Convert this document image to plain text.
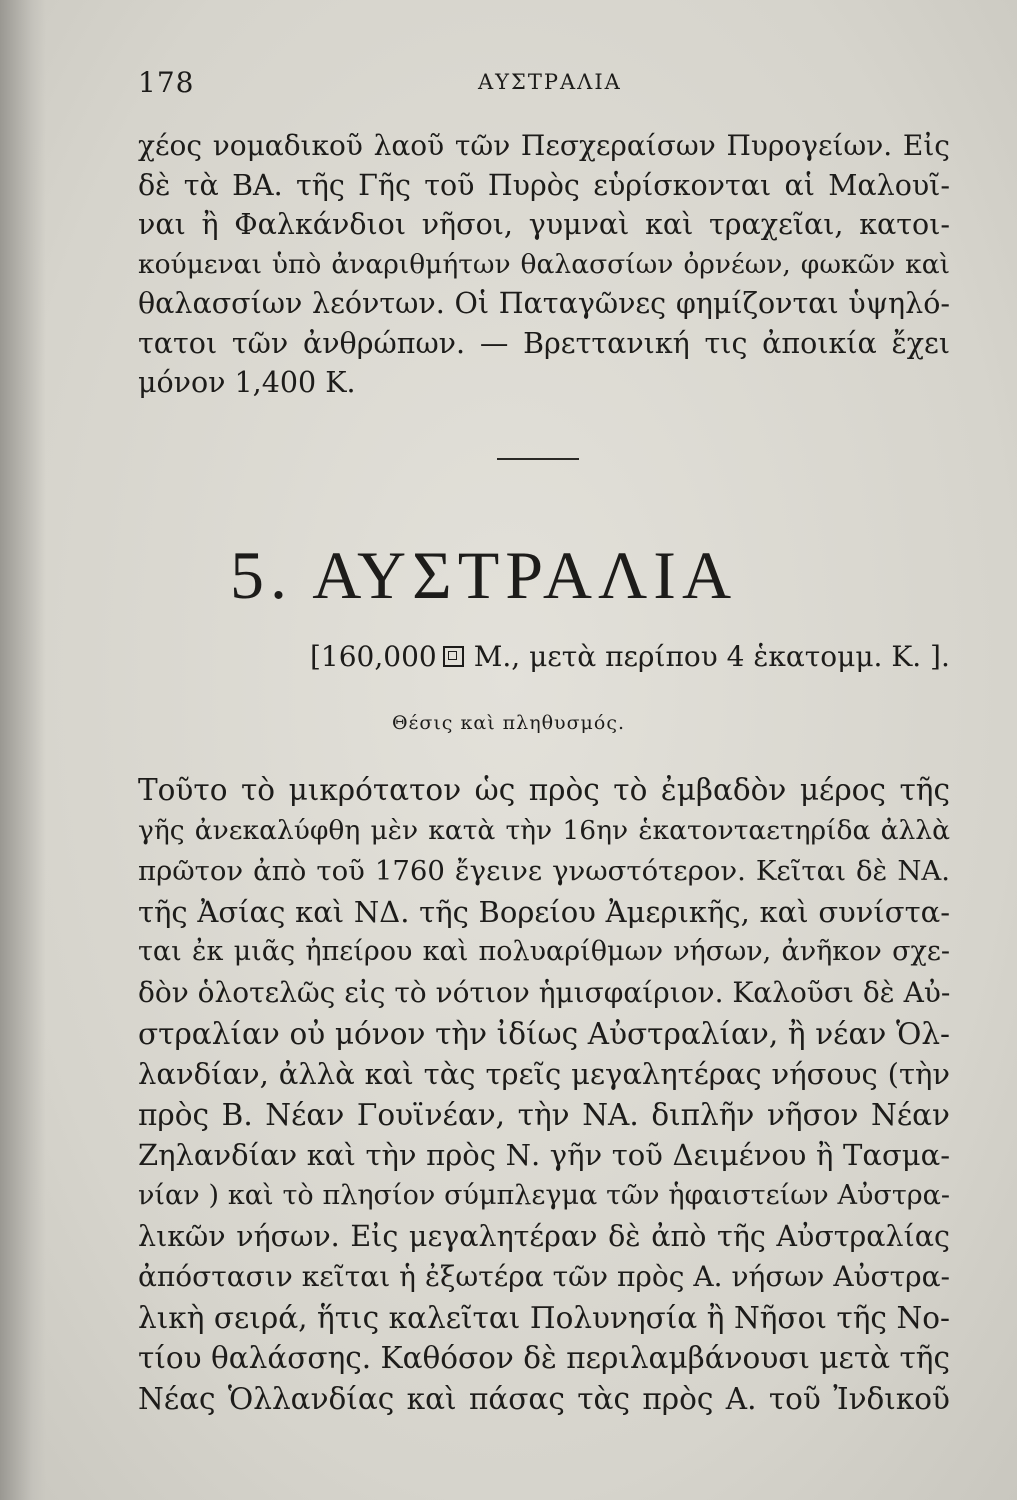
178	ΑΥΣΤΡΑΛΙΑ
χέος νομαδικοῦ λαοῦ τῶν Πεσχεραίσων Πυρογείων. Εἰς
δὲ τὰ ΒΑ. τῆς Γῆς τοῦ Πυρὸς εὑρίσκονται αἱ Μαλουῖ-
ναι ἢ Φαλκάνδιοι νῆσοι, γυμναὶ καὶ τραχεῖαι, κατοι-
κούμεναι ὑπὸ ἀναριθμήτων θαλασσίων ὀρνέων, φωκῶν καὶ
θαλασσίων λεόντων. Οἱ Παταγῶνες φημίζονται ὑψηλό-
τατοι τῶν ἀνθρώπων. — Βρεττανική τις ἀποικία ἔχει
μόνον 1,400 Κ.
5. ΑΥΣΤΡΑΛΙΑ
[160,000 Μ., μετὰ περίπου 4 ἑκατομμ. Κ. ].
Θέσις καὶ πληθυσμός.
Τοῦτο τὸ μικρότατον ὡς πρὸς τὸ ἐμβαδὸν μέρος τῆς
γῆς ἀνεκαλύφθη μὲν κατὰ τὴν 16ην ἑκατονταετηρίδα ἀλλὰ
πρῶτον ἀπὸ τοῦ 1760 ἔγεινε γνωστότερον. Κεῖται δὲ ΝΑ.
τῆς Ἀσίας καὶ ΝΔ. τῆς Βορείου Ἀμερικῆς, καὶ συνίστα-
ται ἐκ μιᾶς ἠπείρου καὶ πολυαρίθμων νήσων, ἀνῆκον σχε-
δὸν ὁλοτελῶς εἰς τὸ νότιον ἡμισφαίριον. Καλοῦσι δὲ Αὐ-
στραλίαν οὐ μόνον τὴν ἰδίως Αὐστραλίαν, ἢ νέαν Ὁλ-
λανδίαν, ἀλλὰ καὶ τὰς τρεῖς μεγαλητέρας νήσους (τὴν
πρὸς Β. Νέαν Γουϊνέαν, τὴν ΝΑ. διπλῆν νῆσον Νέαν
Ζηλανδίαν καὶ τὴν πρὸς Ν. γῆν τοῦ Δειμένου ἢ Τασμα-
νίαν ) καὶ τὸ πλησίον σύμπλεγμα τῶν ἡφαιστείων Αὐστρα-
λικῶν νήσων. Εἰς μεγαλητέραν δὲ ἀπὸ τῆς Αὐστραλίας
ἀπόστασιν κεῖται ἡ ἐξωτέρα τῶν πρὸς Α. νήσων Αὐστρα-
λικὴ σειρά, ἥτις καλεῖται Πολυνησία ἢ Νῆσοι τῆς Νο-
τίου θαλάσσης. Καθόσον δὲ περιλαμβάνουσι μετὰ τῆς
Νέας Ὁλλανδίας καὶ πάσας τὰς πρὸς Α. τοῦ Ἰνδικοῦ
